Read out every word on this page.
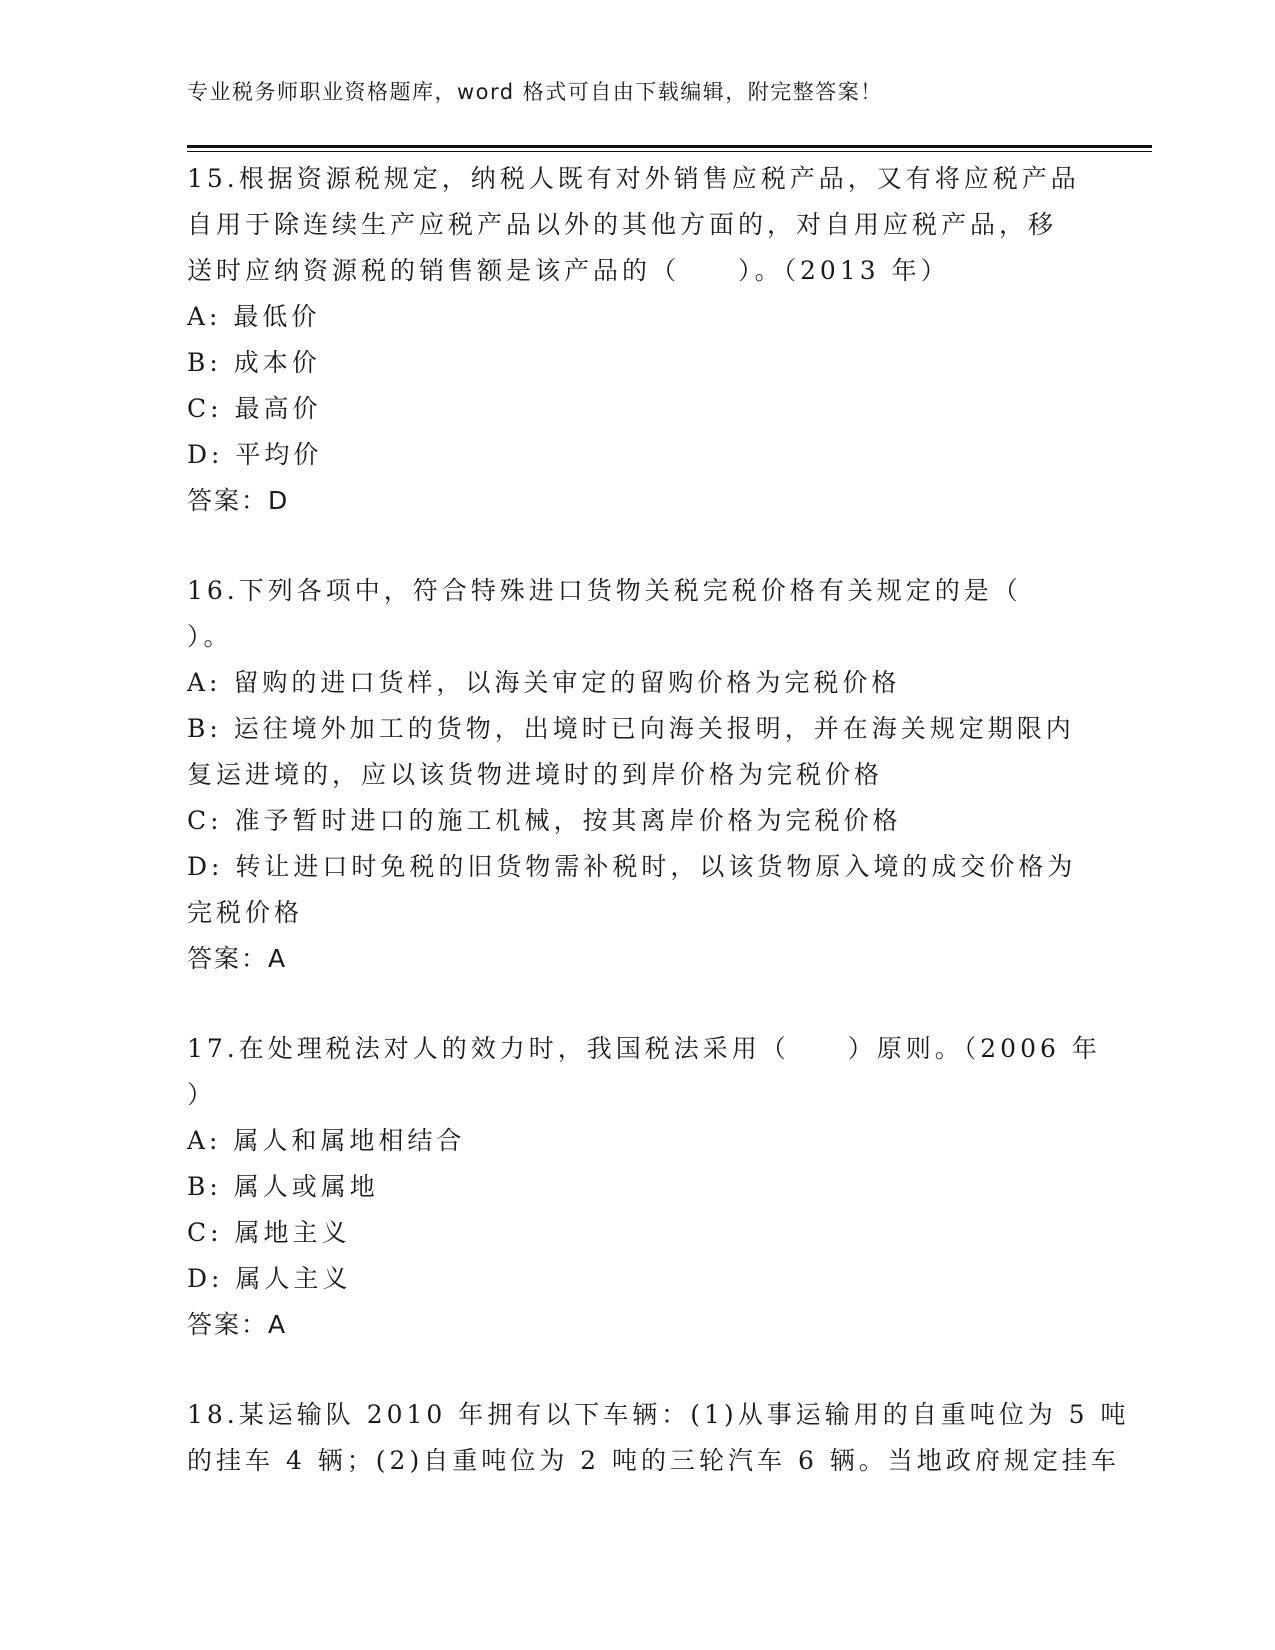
专业税务师职业资格题库，word 格式可自由下载编辑，附完整答案！
15.根据资源税规定，纳税人既有对外销售应税产品，又有将应税产品
自用于除连续生产应税产品以外的其他方面的，对自用应税产品，移
送时应纳资源税的销售额是该产品的（　　）。（2013 年）
A: 最低价
B: 成本价
C: 最高价
D: 平均价
答案：D
16.下列各项中，符合特殊进口货物关税完税价格有关规定的是（
）。
A: 留购的进口货样，以海关审定的留购价格为完税价格
B: 运往境外加工的货物，出境时已向海关报明，并在海关规定期限内
复运进境的，应以该货物进境时的到岸价格为完税价格
C: 准予暂时进口的施工机械，按其离岸价格为完税价格
D: 转让进口时免税的旧货物需补税时，以该货物原入境的成交价格为
完税价格
答案：A
17.在处理税法对人的效力时，我国税法采用（　　）原则。（2006 年
）
A: 属人和属地相结合
B: 属人或属地
C: 属地主义
D: 属人主义
答案：A
18.某运输队 2010 年拥有以下车辆：(1)从事运输用的自重吨位为 5 吨
的挂车 4 辆；(2)自重吨位为 2 吨的三轮汽车 6 辆。当地政府规定挂车
